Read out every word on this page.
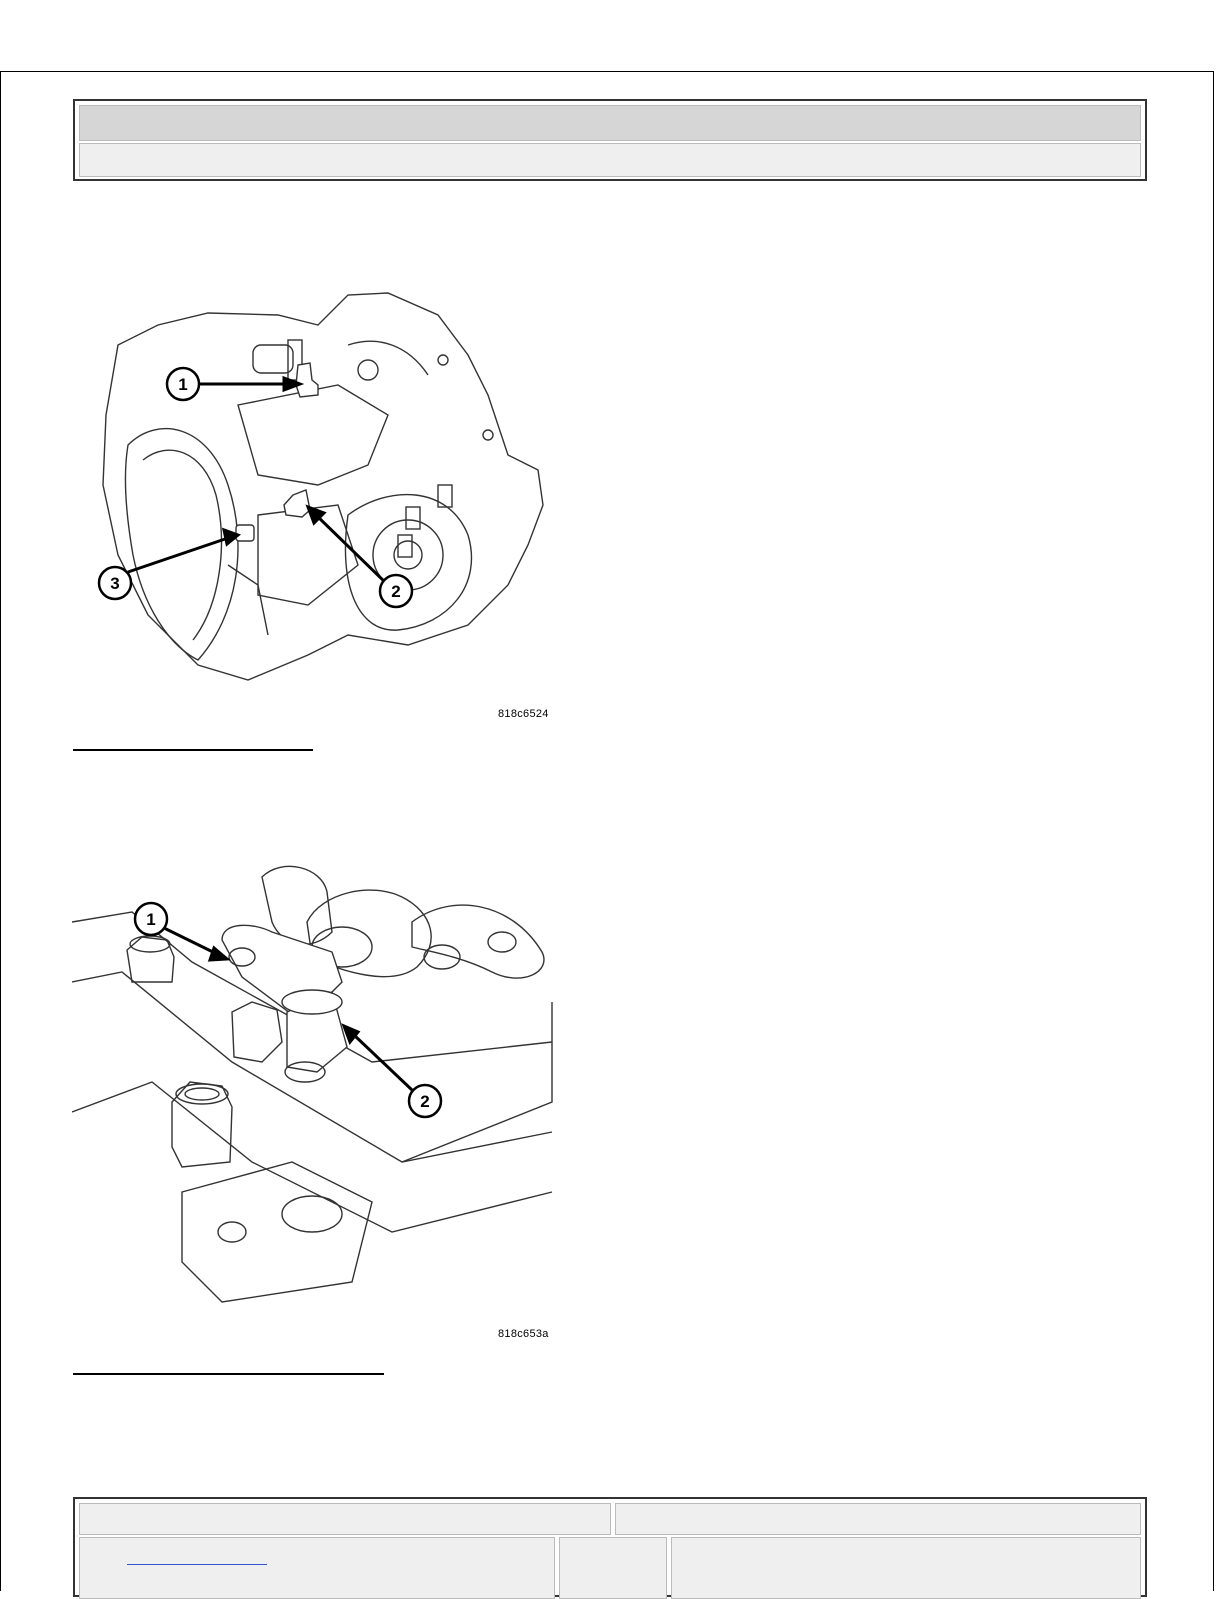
1
2
3
818c6524
1
2
818c653a
